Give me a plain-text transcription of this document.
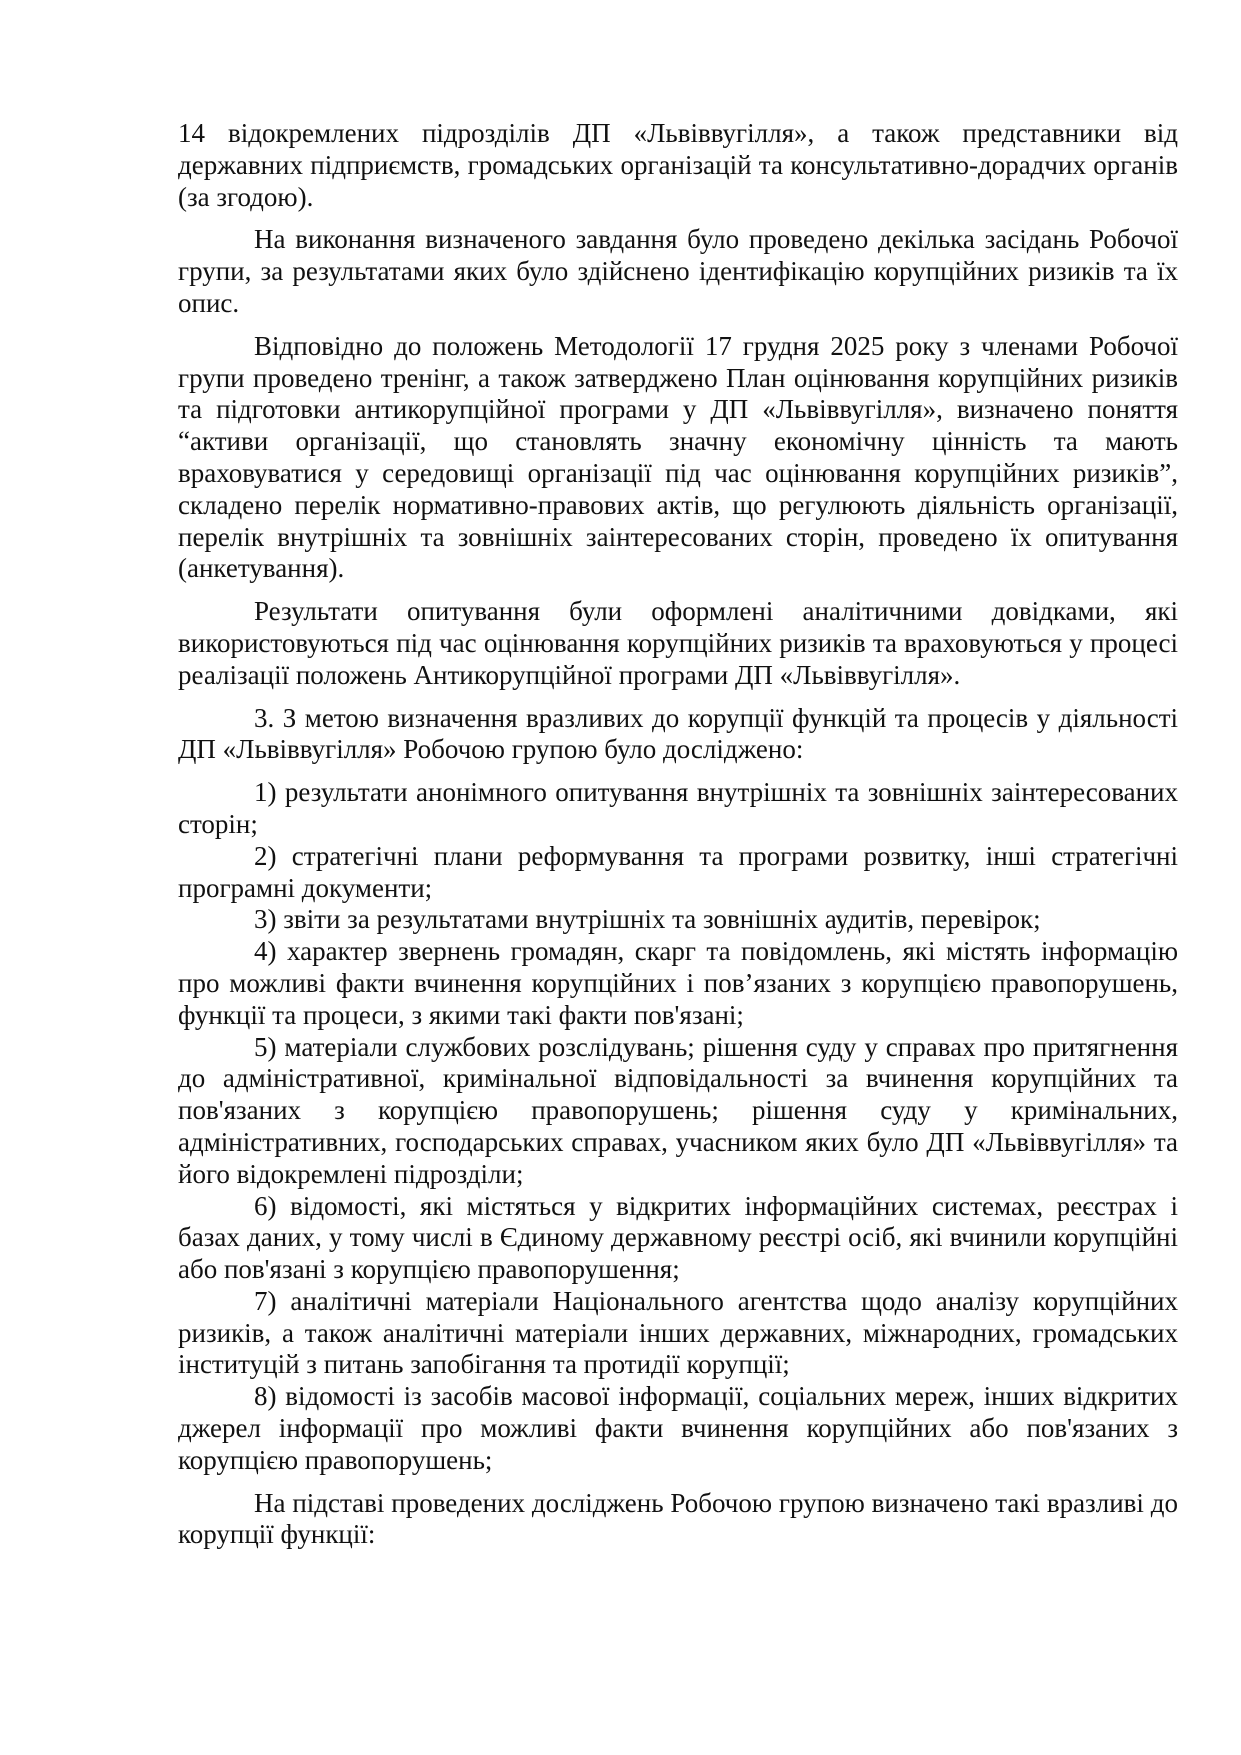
14 відокремлених підрозділів ДП «Львіввугілля», а також представники від державних підприємств, громадських організацій та консультативно-дорадчих органів (за згодою).

На виконання визначеного завдання було проведено декілька засідань Робочої групи, за результатами яких було здійснено ідентифікацію корупційних ризиків та їх опис.

Відповідно до положень Методології 17 грудня 2025 року з членами Робочої групи проведено тренінг, а також затверджено План оцінювання корупційних ризиків та підготовки антикорупційної програми у ДП «Львіввугілля», визначено поняття “активи організації, що становлять значну економічну цінність та мають враховуватися у середовищі організації під час оцінювання корупційних ризиків”, складено перелік нормативно-правових актів, що регулюють діяльність організації, перелік внутрішніх та зовнішніх заінтересованих сторін, проведено їх опитування (анкетування).

Результати опитування були оформлені аналітичними довідками, які використовуються під час оцінювання корупційних ризиків та враховуються у процесі реалізації положень Антикорупційної програми ДП «Львіввугілля».

3. З метою визначення вразливих до корупції функцій та процесів у діяльності ДП «Львіввугілля» Робочою групою було досліджено:

1) результати анонімного опитування внутрішніх та зовнішніх заінтересованих сторін;

2) стратегічні плани реформування та програми розвитку, інші стратегічні програмні документи;

3) звіти за результатами внутрішніх та зовнішніх аудитів, перевірок;

4) характер звернень громадян, скарг та повідомлень, які містять інформацію про можливі факти вчинення корупційних і пов’язаних з корупцією правопорушень, функції та процеси, з якими такі факти пов'язані;

5) матеріали службових розслідувань; рішення суду у справах про притягнення до адміністративної, кримінальної відповідальності за вчинення корупційних та пов'язаних з корупцією правопорушень; рішення суду у кримінальних, адміністративних, господарських справах, учасником яких було ДП «Львіввугілля» та його відокремлені підрозділи;

6) відомості, які містяться у відкритих інформаційних системах, реєстрах і базах даних, у тому числі в Єдиному державному реєстрі осіб, які вчинили корупційні або пов'язані з корупцією правопорушення;

7) аналітичні матеріали Національного агентства щодо аналізу корупційних ризиків, а також аналітичні матеріали інших державних, міжнародних, громадських інституцій з питань запобігання та протидії корупції;

8) відомості із засобів масової інформації, соціальних мереж, інших відкритих джерел інформації про можливі факти вчинення корупційних або пов'язаних з корупцією правопорушень;

На підставі проведених досліджень Робочою групою визначено такі вразливі до корупції функції:
